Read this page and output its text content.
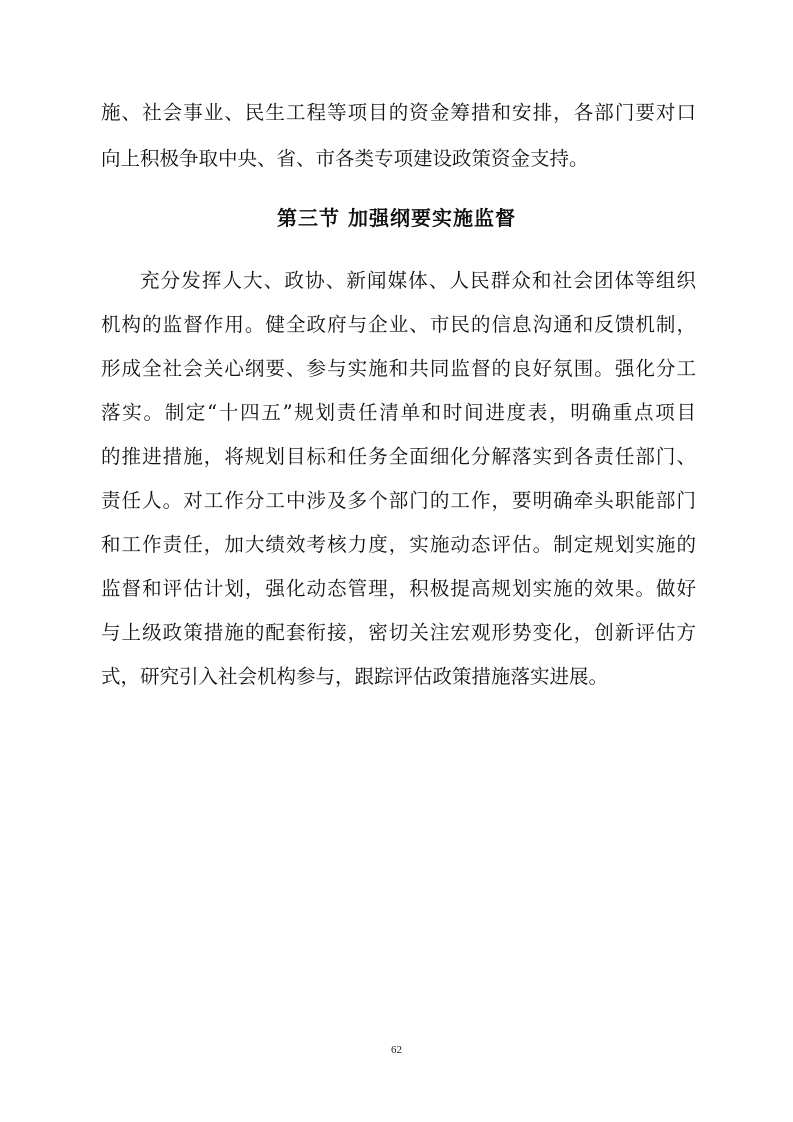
施、社会事业、民生工程等项目的资金筹措和安排，各部门要对口
向上积极争取中央、省、市各类专项建设政策资金支持。
第三节 加强纲要实施监督
充分发挥人大、政协、新闻媒体、人民群众和社会团体等组织
机构的监督作用。健全政府与企业、市民的信息沟通和反馈机制，
形成全社会关心纲要、参与实施和共同监督的良好氛围。强化分工
落实。制定“十四五”规划责任清单和时间进度表，明确重点项目
的推进措施，将规划目标和任务全面细化分解落实到各责任部门、
责任人。对工作分工中涉及多个部门的工作，要明确牵头职能部门
和工作责任，加大绩效考核力度，实施动态评估。制定规划实施的
监督和评估计划，强化动态管理，积极提高规划实施的效果。做好
与上级政策措施的配套衔接，密切关注宏观形势变化，创新评估方
式，研究引入社会机构参与，跟踪评估政策措施落实进展。
62
